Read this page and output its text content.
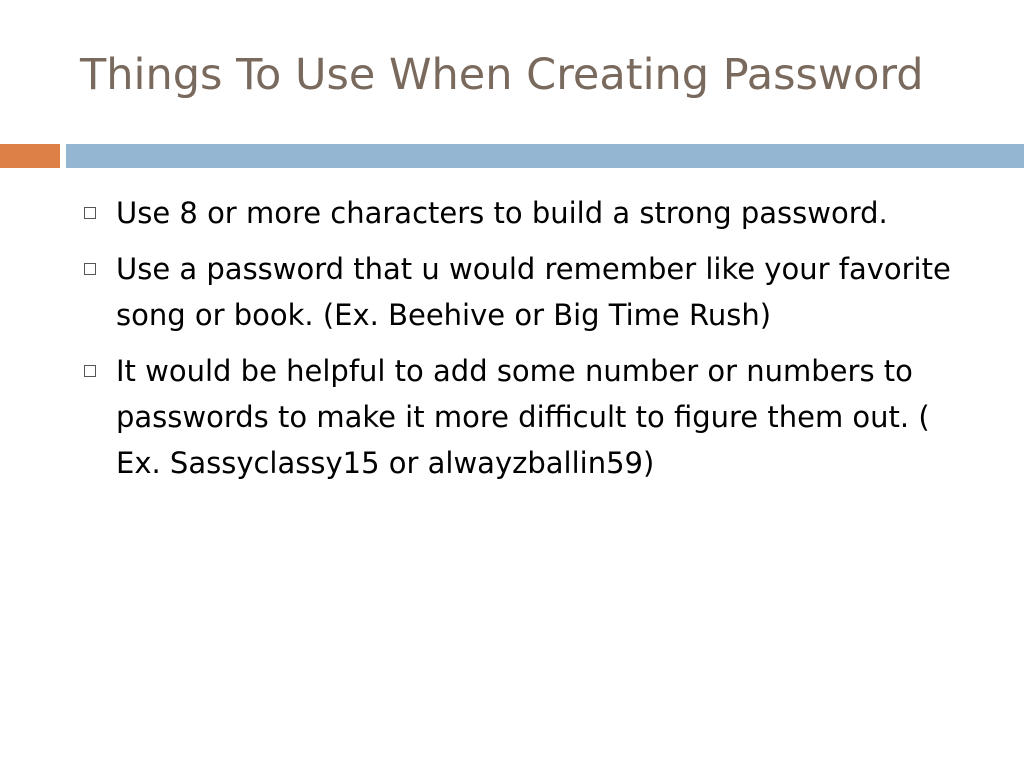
Things To Use When Creating Password
Use 8 or more characters to build a strong password.
Use a password that u would remember like your favorite song or book. (Ex. Beehive or Big Time Rush)
It would be helpful to add some number or numbers to passwords to make it more difficult to figure them out. ( Ex. Sassyclassy15 or alwayzballin59)
